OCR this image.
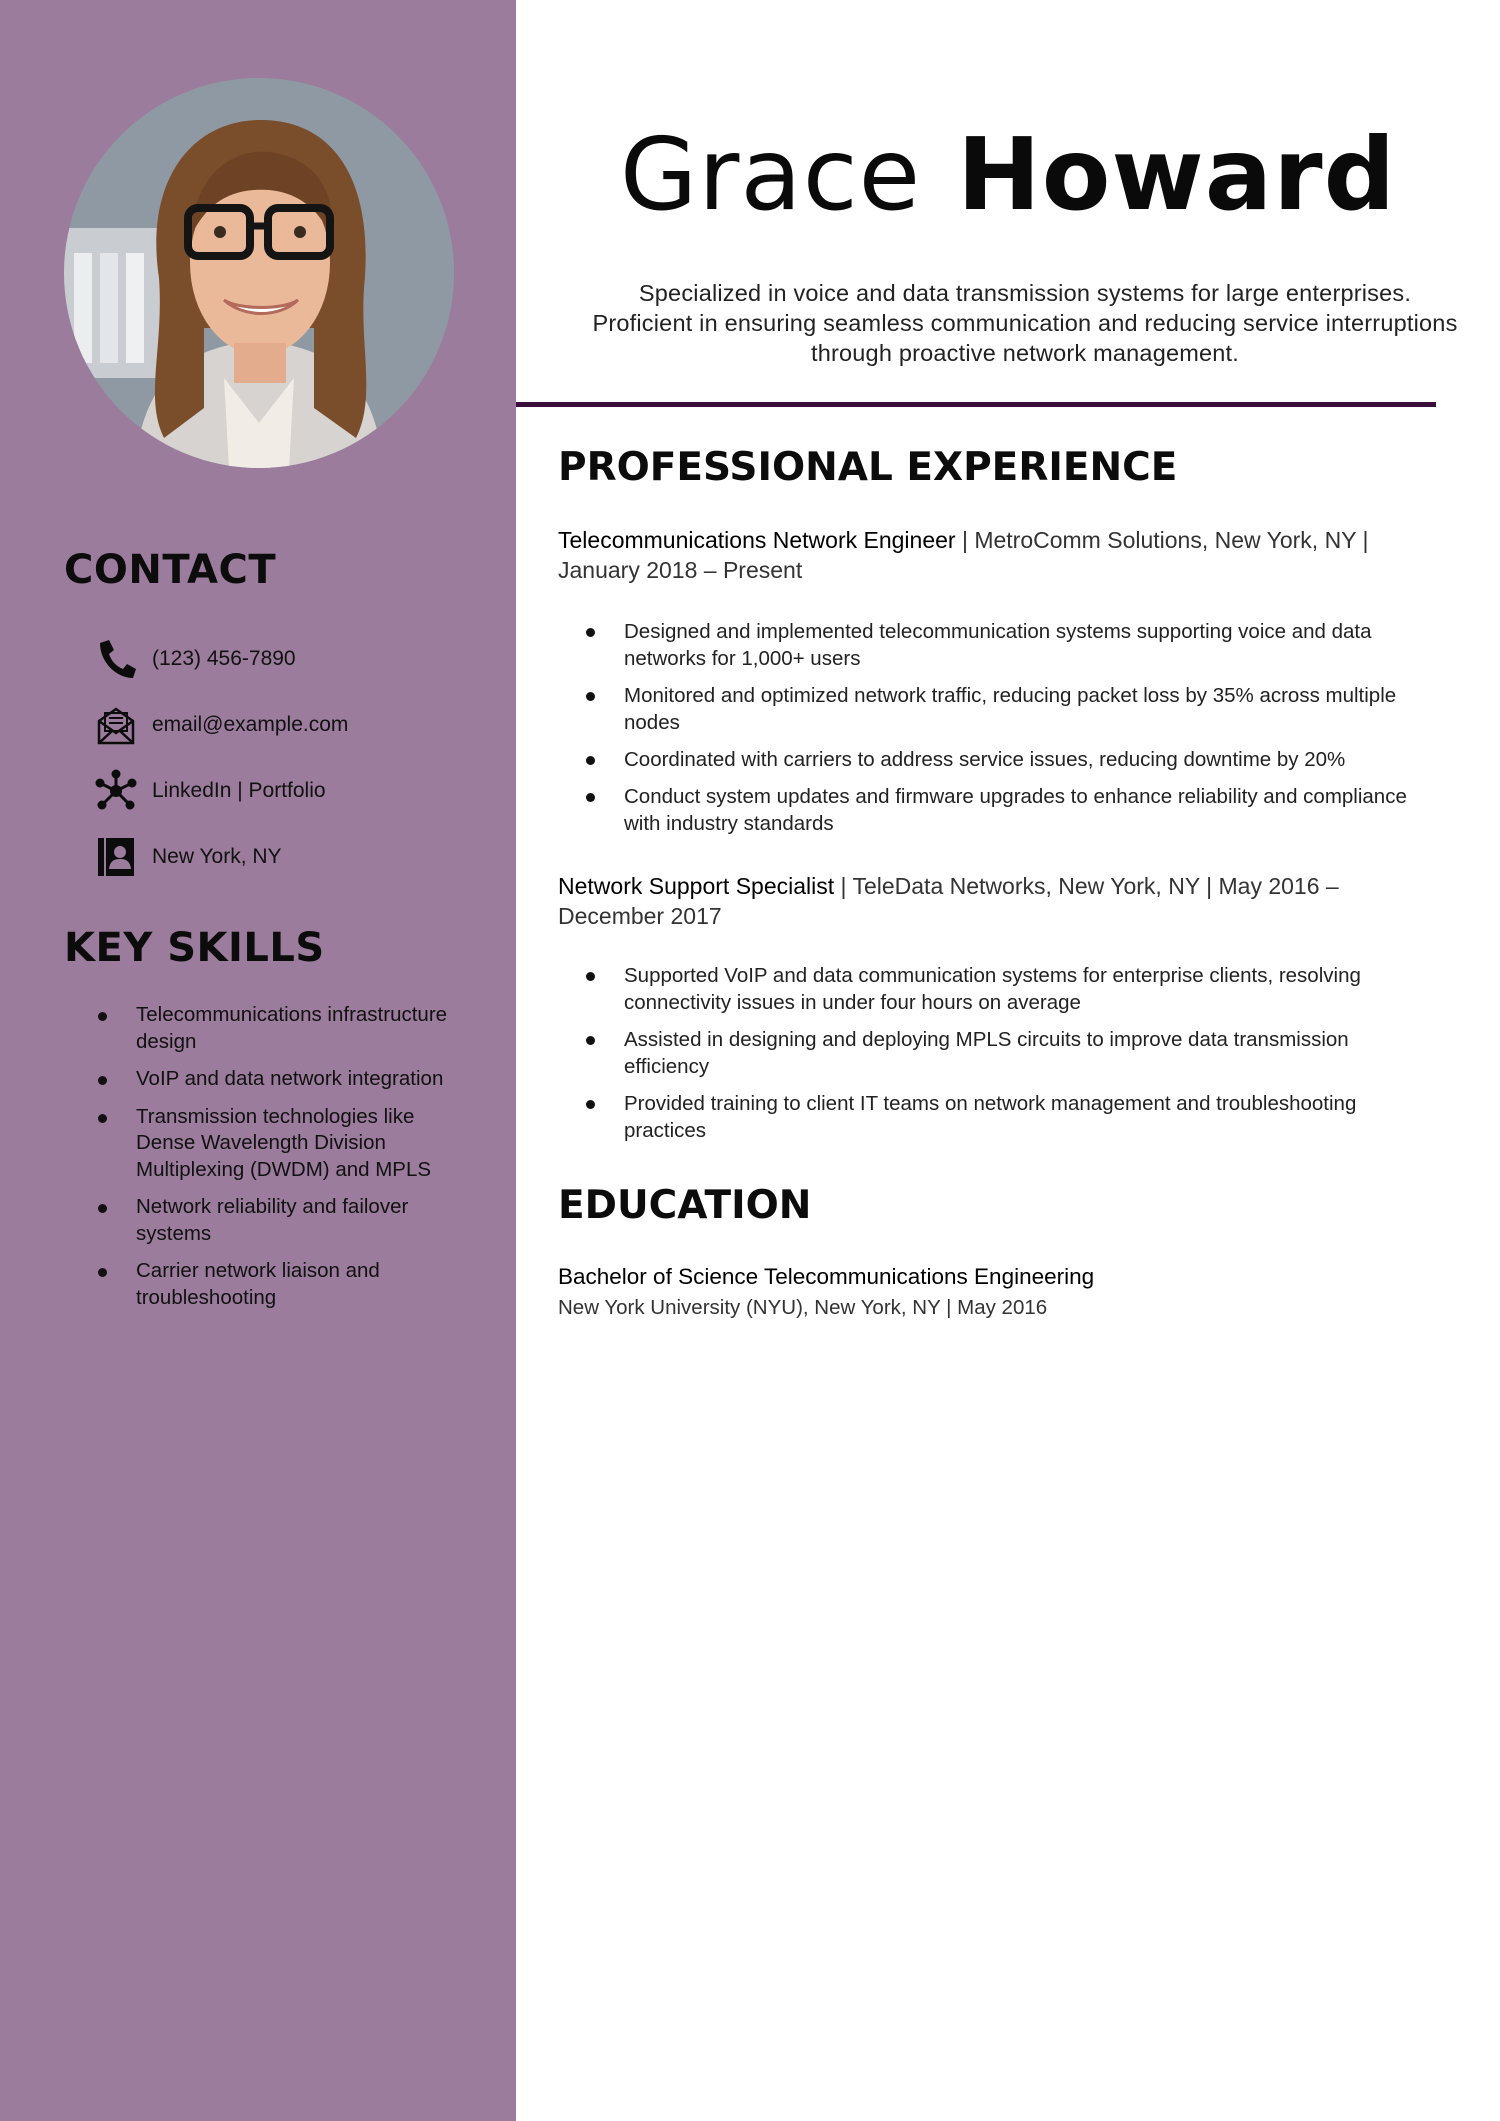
CONTACT
(123) 456-7890
email@example.com
LinkedIn | Portfolio
New York, NY
KEY SKILLS
Telecommunications infrastructure design
VoIP and data network integration
Transmission technologies like Dense Wavelength Division Multiplexing (DWDM) and MPLS
Network reliability and failover systems
Carrier network liaison and troubleshooting
Grace Howard

Specialized in voice and data transmission systems for large enterprises. Proficient in ensuring seamless communication and reducing service interruptions through proactive network management.

PROFESSIONAL EXPERIENCE

Telecommunications Network Engineer | MetroComm Solutions, New York, NY | January 2018 – Present

Designed and implemented telecommunication systems supporting voice and data networks for 1,000+ users
Monitored and optimized network traffic, reducing packet loss by 35% across multiple nodes
Coordinated with carriers to address service issues, reducing downtime by 20%
Conduct system updates and firmware upgrades to enhance reliability and compliance with industry standards

Network Support Specialist | TeleData Networks, New York, NY | May 2016 – December 2017

Supported VoIP and data communication systems for enterprise clients, resolving connectivity issues in under four hours on average
Assisted in designing and deploying MPLS circuits to improve data transmission efficiency
Provided training to client IT teams on network management and troubleshooting practices
EDUCATION

Bachelor of Science Telecommunications Engineering

New York University (NYU), New York, NY | May 2016
